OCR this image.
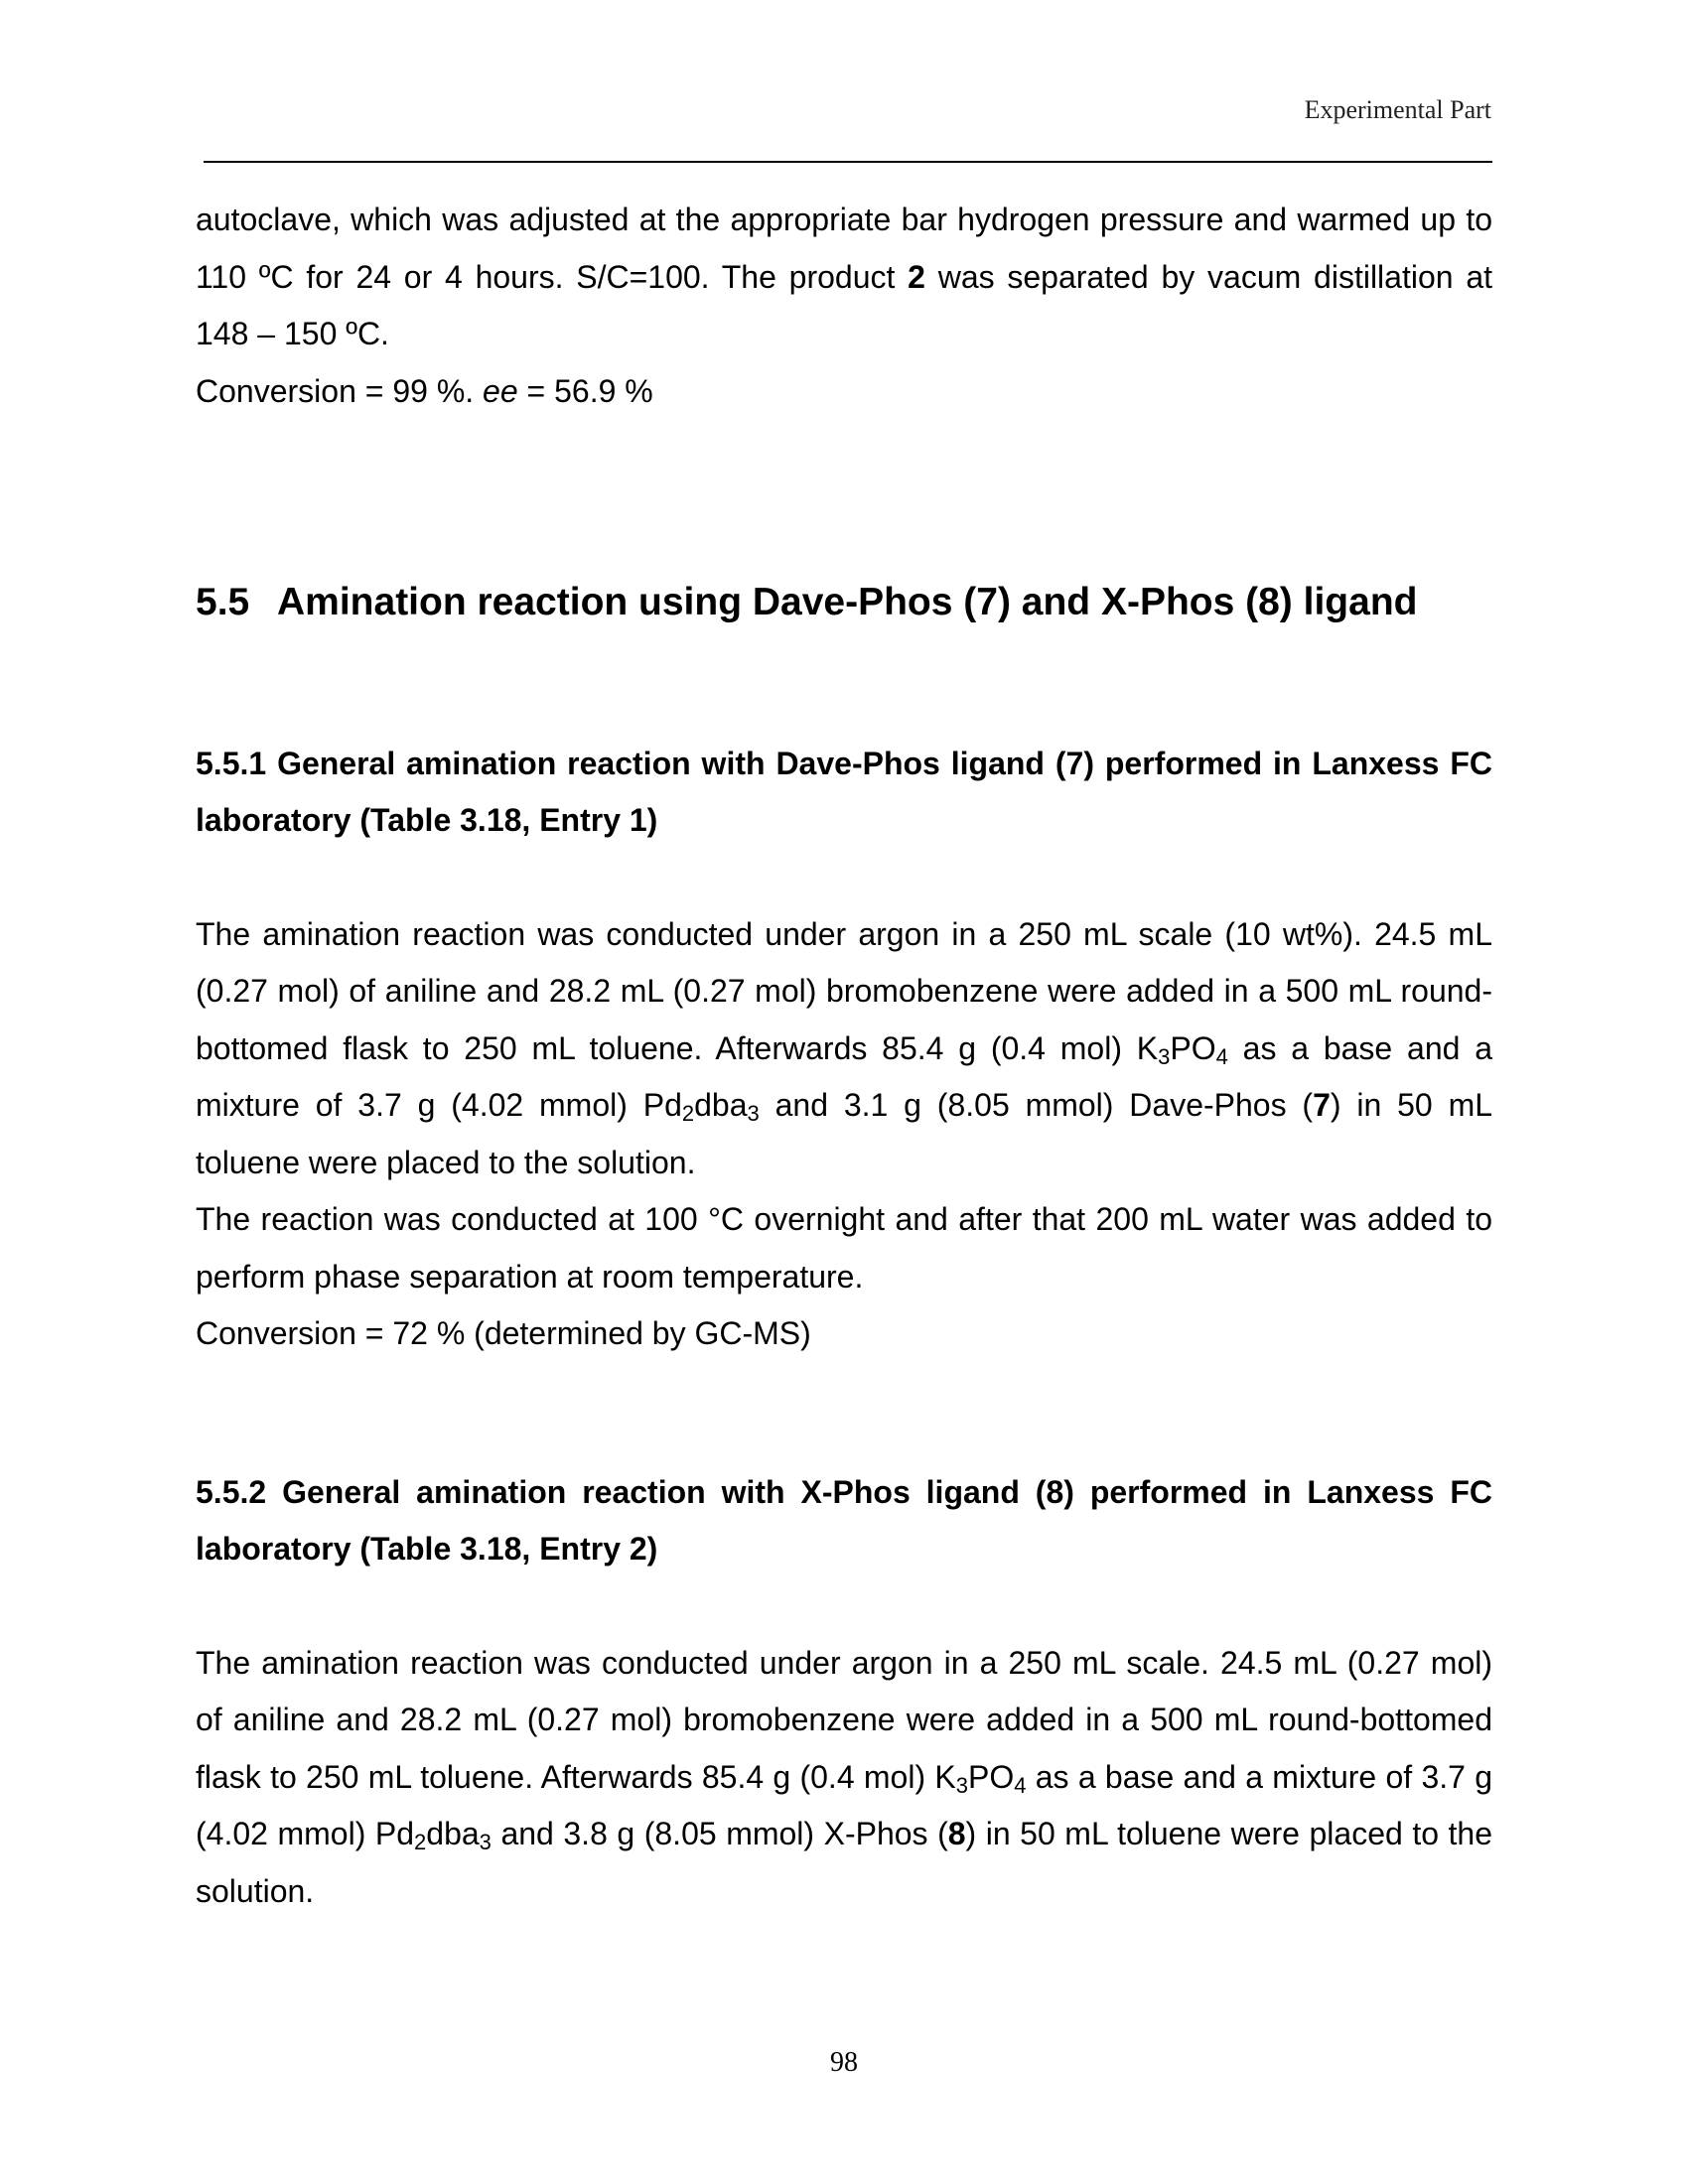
Experimental Part

autoclave, which was adjusted at the appropriate bar hydrogen pressure and warmed up to 110 ºC for 24 or 4 hours. S/C=100. The product 2 was separated by vacum distillation at 148 – 150 ºC.

Conversion = 99 %. ee = 56.9 %

5.5 Amination reaction using Dave-Phos (7) and X-Phos (8) ligand
5.5.1 General amination reaction with Dave-Phos ligand (7) performed in Lanxess FC laboratory (Table 3.18, Entry 1)

The amination reaction was conducted under argon in a 250 mL scale (10 wt%). 24.5 mL (0.27 mol) of aniline and 28.2 mL (0.27 mol) bromobenzene were added in a 500 mL round-bottomed flask to 250 mL toluene. Afterwards 85.4 g (0.4 mol) $K_3PO_4$ as a base and a mixture of 3.7 g (4.02 mmol) $Pd_2dba_3$ and 3.1 g (8.05 mmol) Dave-Phos (7) in 50 mL toluene were placed to the solution.

The reaction was conducted at 100 °C overnight and after that 200 mL water was added to perform phase separation at room temperature.

Conversion = 72 % (determined by GC-MS)

5.5.2 General amination reaction with X-Phos ligand (8) performed in Lanxess FC laboratory (Table 3.18, Entry 2)

The amination reaction was conducted under argon in a 250 mL scale. 24.5 mL (0.27 mol) of aniline and 28.2 mL (0.27 mol) bromobenzene were added in a 500 mL round-bottomed flask to 250 mL toluene. Afterwards 85.4 g (0.4 mol) $K_3PO_4$ as a base and a mixture of 3.7 g (4.02 mmol) $Pd_2dba_3$ and 3.8 g (8.05 mmol) X-Phos (8) in 50 mL toluene were placed to the solution.

98
